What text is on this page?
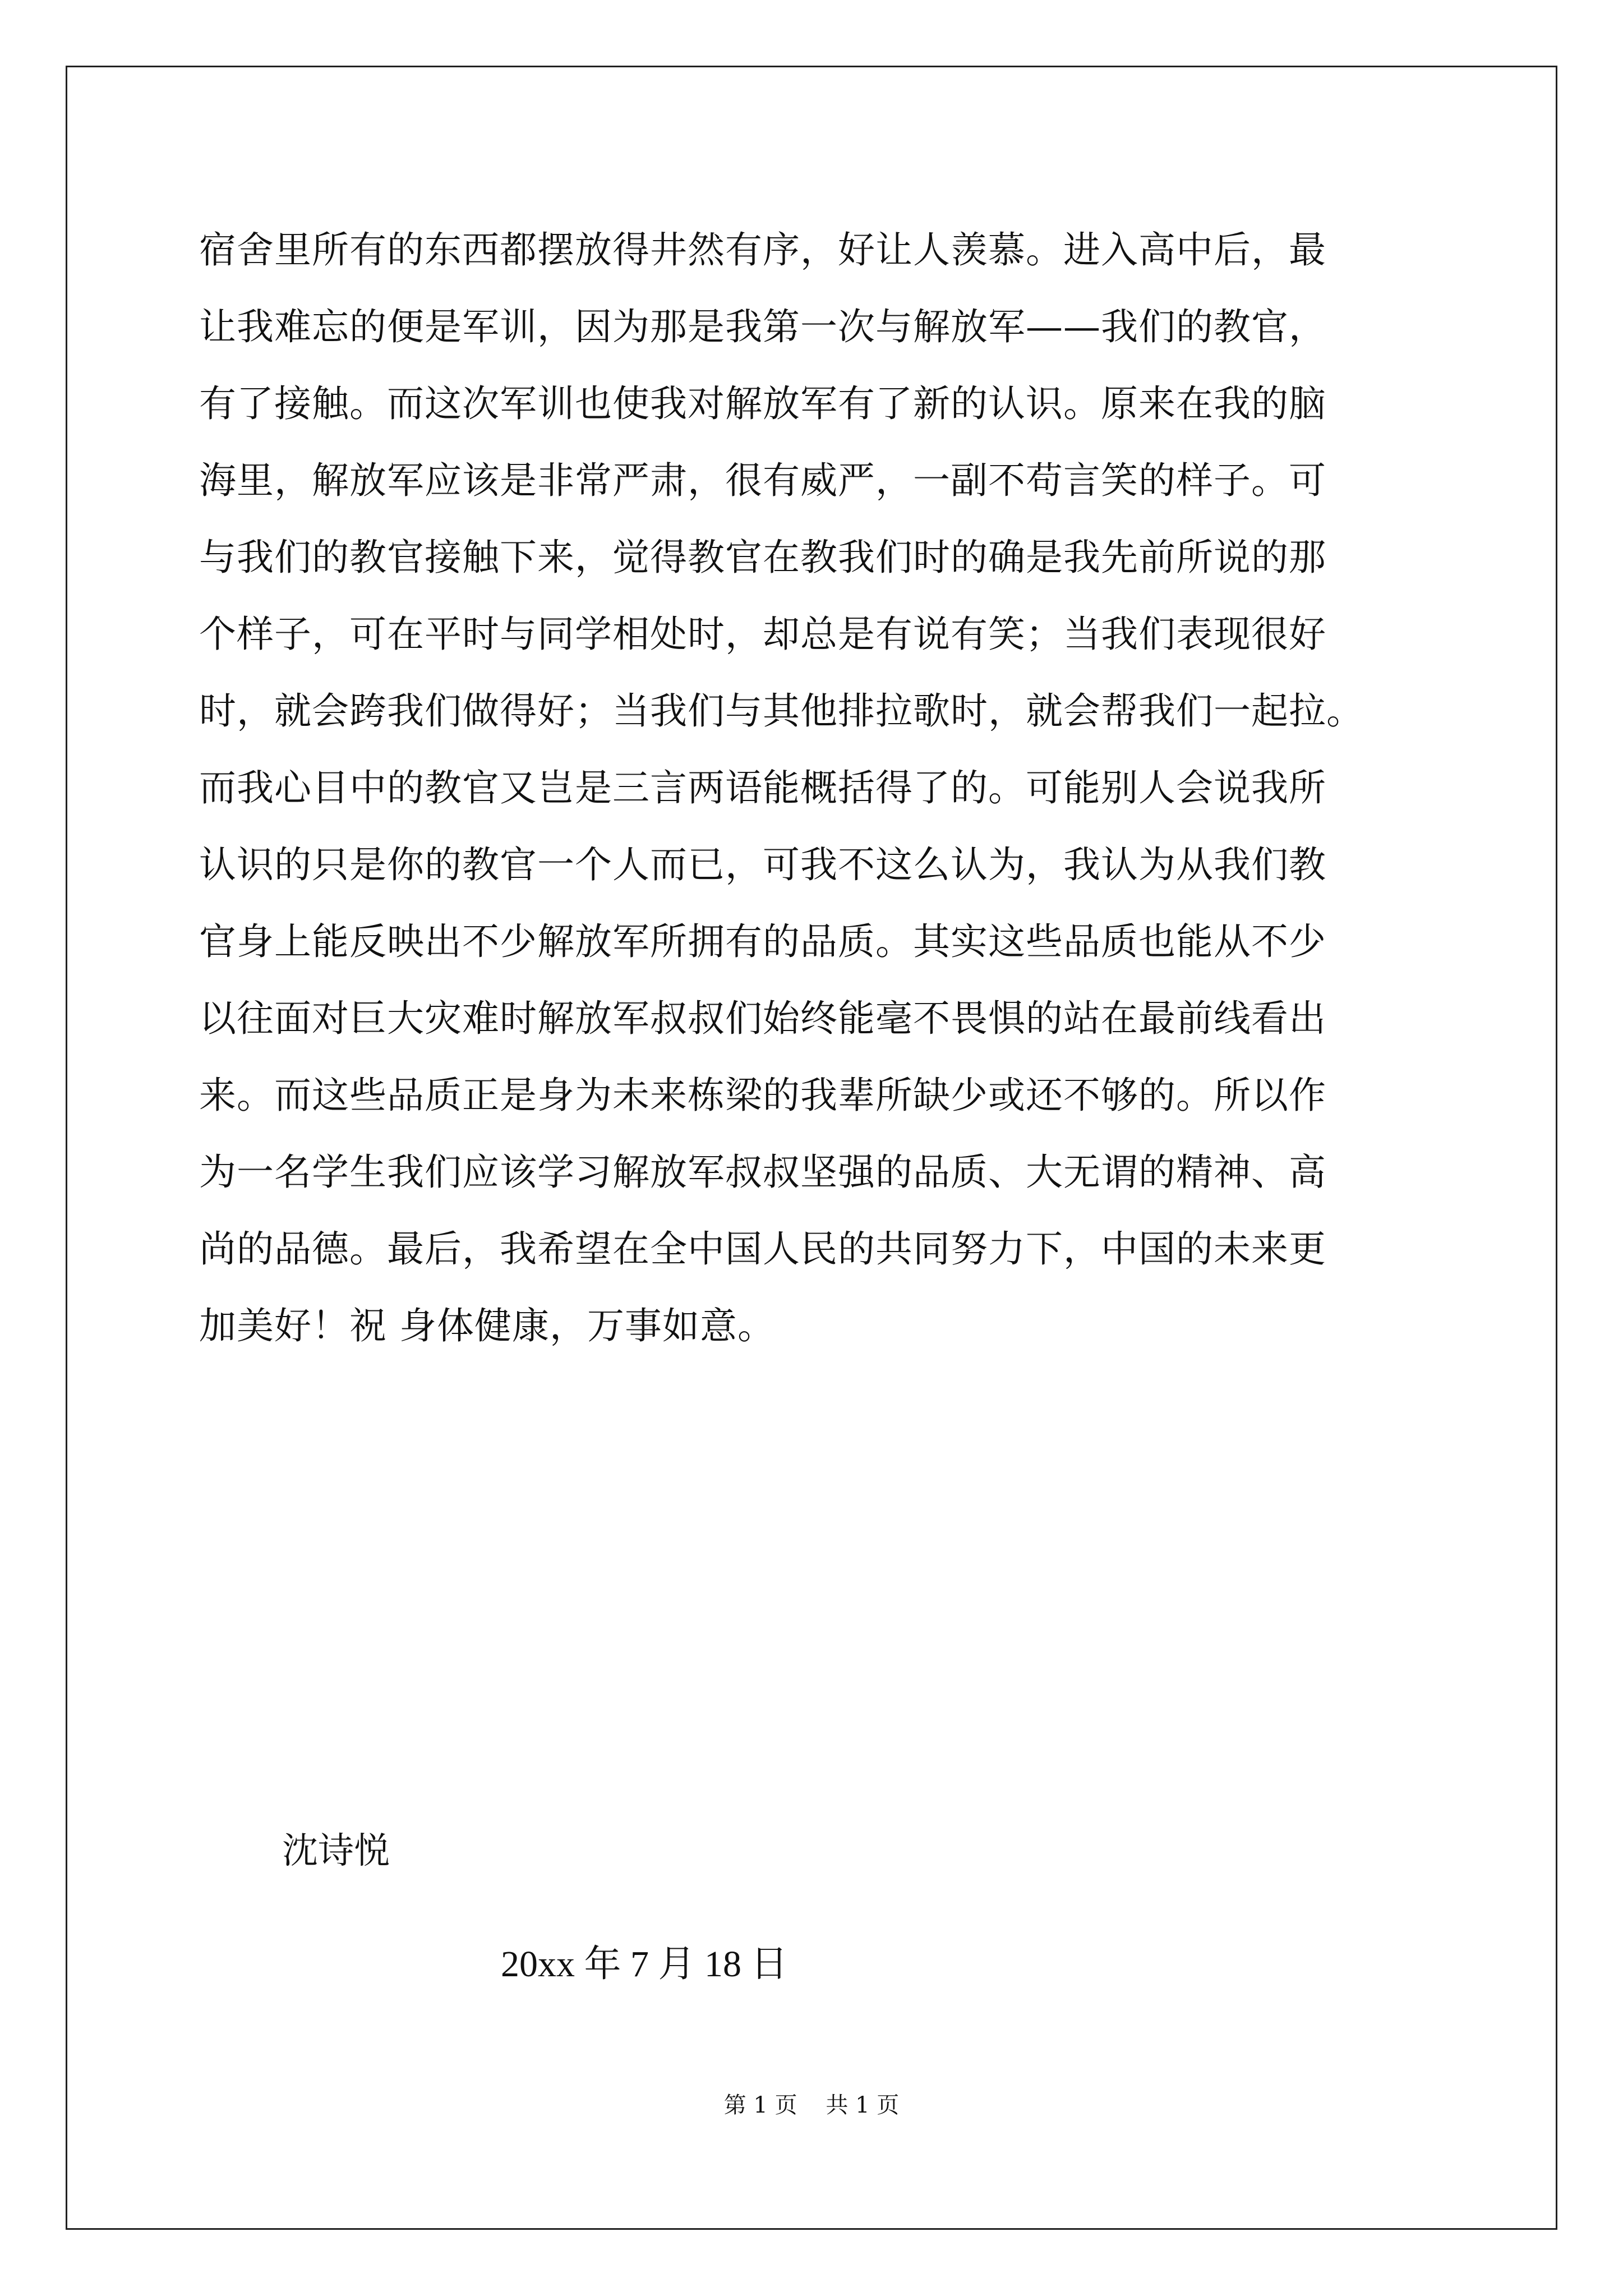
宿舍里所有的东西都摆放得井然有序，好让人羡慕。进入高中后，最
让我难忘的便是军训，因为那是我第一次与解放军——我们的教官，
有了接触。而这次军训也使我对解放军有了新的认识。原来在我的脑
海里，解放军应该是非常严肃，很有威严，一副不苟言笑的样子。可
与我们的教官接触下来，觉得教官在教我们时的确是我先前所说的那
个样子，可在平时与同学相处时，却总是有说有笑；当我们表现很好
时，就会跨我们做得好；当我们与其他排拉歌时，就会帮我们一起拉。
而我心目中的教官又岂是三言两语能概括得了的。可能别人会说我所
认识的只是你的教官一个人而已，可我不这么认为，我认为从我们教
官身上能反映出不少解放军所拥有的品质。其实这些品质也能从不少
以往面对巨大灾难时解放军叔叔们始终能毫不畏惧的站在最前线看出
来。而这些品质正是身为未来栋梁的我辈所缺少或还不够的。所以作
为一名学生我们应该学习解放军叔叔坚强的品质、大无谓的精神、高
尚的品德。最后，我希望在全中国人民的共同努力下，中国的未来更
加美好！祝 身体健康，万事如意。
沈诗悦
20xx 年 7 月 18 日
第 1 页    共 1 页
